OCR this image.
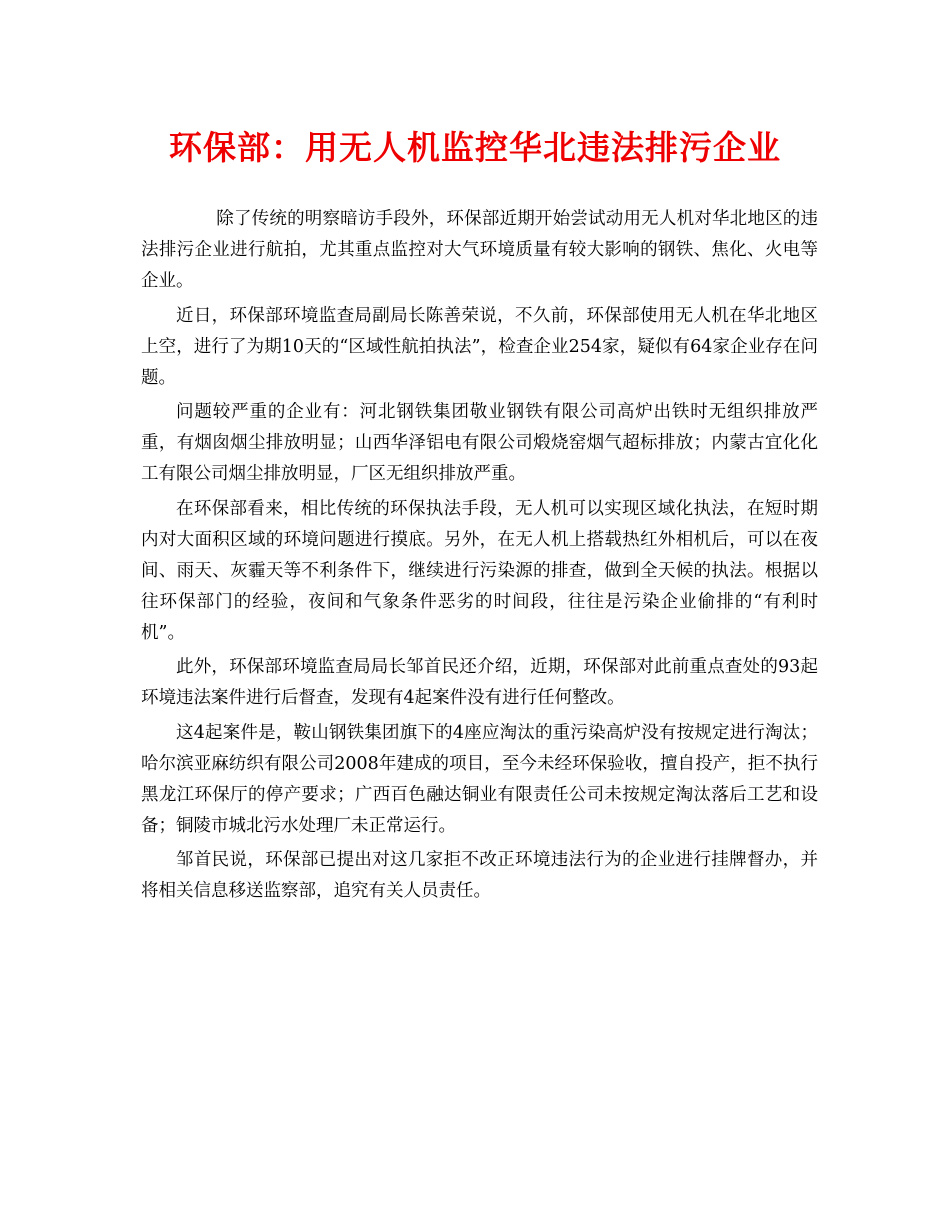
环保部：用无人机监控华北违法排污企业

除了传统的明察暗访手段外，环保部近期开始尝试动用无人机对华北地区的违法排污企业进行航拍，尤其重点监控对大气环境质量有较大影响的钢铁、焦化、火电等企业。

近日，环保部环境监查局副局长陈善荣说，不久前，环保部使用无人机在华北地区上空，进行了为期10天的“区域性航拍执法”，检查企业254家，疑似有64家企业存在问题。

问题较严重的企业有：河北钢铁集团敬业钢铁有限公司高炉出铁时无组织排放严重，有烟囱烟尘排放明显；山西华泽铝电有限公司煅烧窑烟气超标排放；内蒙古宜化化工有限公司烟尘排放明显，厂区无组织排放严重。

在环保部看来，相比传统的环保执法手段，无人机可以实现区域化执法，在短时期内对大面积区域的环境问题进行摸底。另外，在无人机上搭载热红外相机后，可以在夜间、雨天、灰霾天等不利条件下，继续进行污染源的排查，做到全天候的执法。根据以往环保部门的经验，夜间和气象条件恶劣的时间段，往往是污染企业偷排的“有利时机”。

此外，环保部环境监查局局长邹首民还介绍，近期，环保部对此前重点查处的93起环境违法案件进行后督查，发现有4起案件没有进行任何整改。

这4起案件是，鞍山钢铁集团旗下的4座应淘汰的重污染高炉没有按规定进行淘汰；哈尔滨亚麻纺织有限公司2008年建成的项目，至今未经环保验收，擅自投产，拒不执行黑龙江环保厅的停产要求；广西百色融达铜业有限责任公司未按规定淘汰落后工艺和设备；铜陵市城北污水处理厂未正常运行。

邹首民说，环保部已提出对这几家拒不改正环境违法行为的企业进行挂牌督办，并将相关信息移送监察部，追究有关人员责任。
